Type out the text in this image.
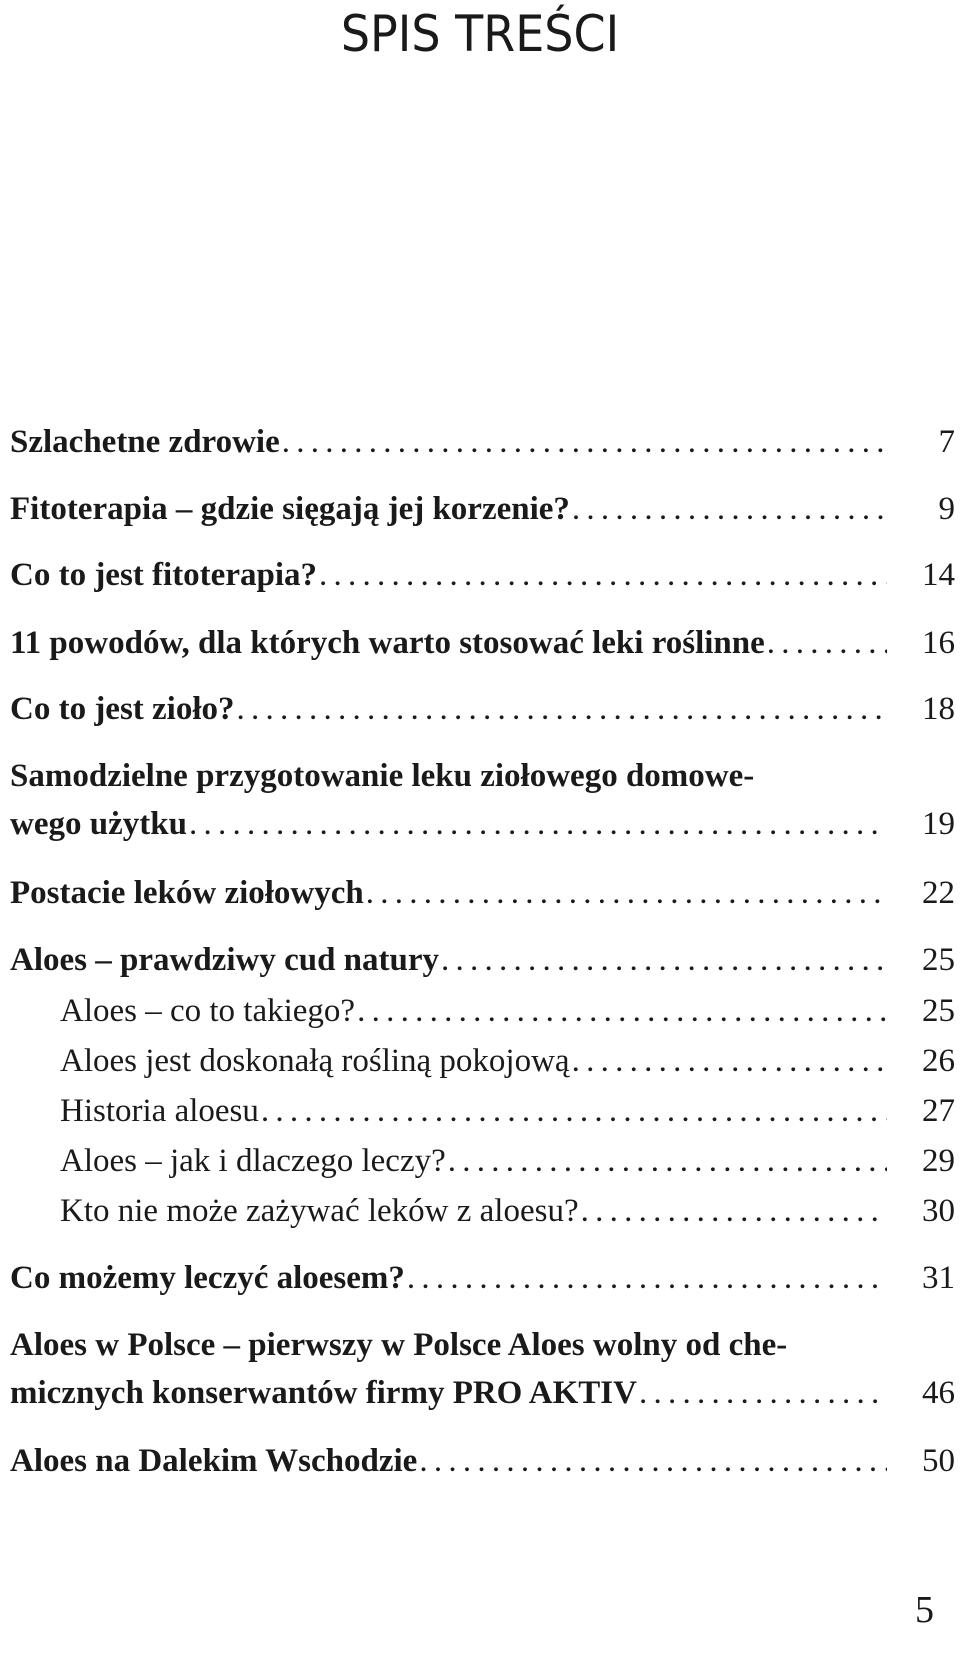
SPIS TREŚCI
Szlachetne zdrowie . . .	7
Fitoterapia – gdzie sięgają jej korzenie? . . .	9
Co to jest fitoterapia? . . .	14
11 powodów, dla których warto stosować leki roślinne . . .	16
Co to jest zioło? . . .	18
Samodzielne przygotowanie leku ziołowego domowe-
wego użytku . . .	19
Postacie leków ziołowych . . .	22
Aloes – prawdziwy cud natury . . .	25
Aloes – co to takiego? . . .	25
Aloes jest doskonałą rośliną pokojową . . .	26
Historia aloesu . . .	27
Aloes – jak i dlaczego leczy? . . .	29
Kto nie może zażywać leków z aloesu? . . .	30
Co możemy leczyć aloesem? . . .	31
Aloes w Polsce – pierwszy w Polsce Aloes wolny od che-
micznych konserwantów firmy PRO AKTIV . . .	46
Aloes na Dalekim Wschodzie . . .	50
5
